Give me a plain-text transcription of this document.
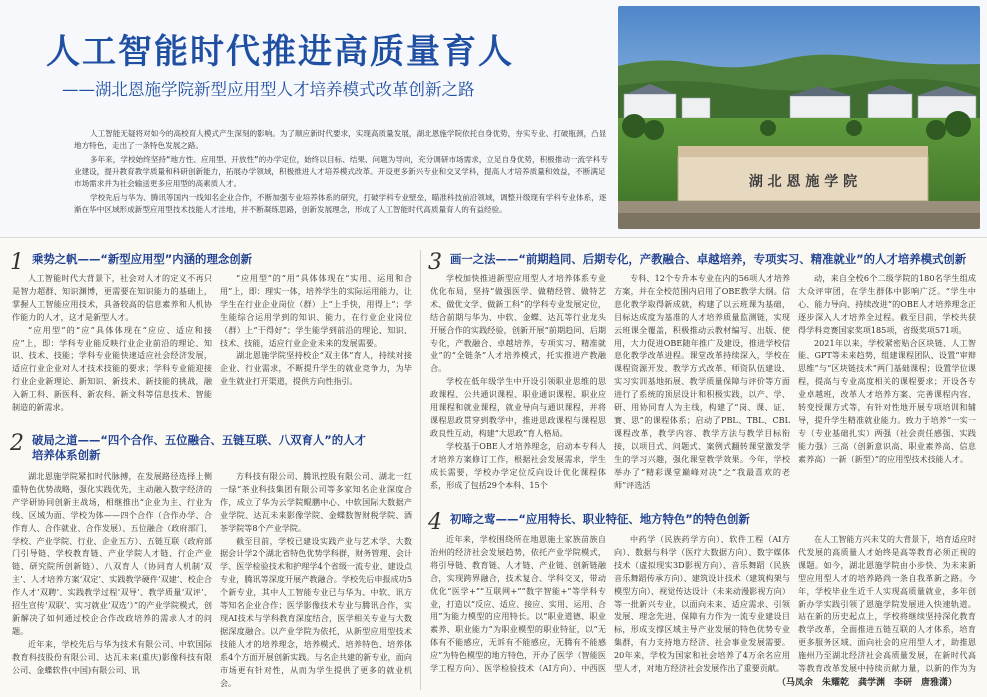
人工智能时代推进高质量育人
——湖北恩施学院新型应用型人才培养模式改革创新之路

人工智能无疑将对如今的高校育人模式产生深刻的影响。为了顺应新时代要求，实现高质量发展，湖北恩施学院依托自身优势，夯实专业、打破瓶颈，凸显地方特色，走出了一条特色发展之路。

多年来，学校始终坚持“地方性、应用型、开放性”的办学定位，始终以目标、结果、问题为导向，充分调研市场需求，立足自身优势，积极推动一流学科专业建设，提升教育教学质量和科研创新能力，拓展办学领域，积极推进人才培养模式改革。开设更多新兴专业和交叉学科，提高人才培养质量和效益，不断满足市场需求并为社会输送更多应用型的高素质人才。

学校先后与华为、腾讯等国内一线知名企业合作，不断加强专业培养体系的研究，打破学科专业壁垒，瞄准科技前沿领域，调整升级现有学科专业体系，逐渐在华中区域形成新型应用型技术技能人才洼地，并不断凝练思路，创新发展理念，形成了人工智能时代高质量育人的有益经验。

湖 北 恩 施 学 院
1 乘势之帆——“新型应用型”内涵的理念创新

人工智能时代大背景下，社会对人才的定义不再只是智力超群、知识渊博，更需要在知识能力的基础上，掌握人工智能应用技术，具备较高的信息素养和人机协作能力的人才，这才是新型人才。

“应用型”的“应”具体体现在“应应、适应和接应”上，即：学科专业能反映行业企业前沿的理论、知识、技术、技能；学科专业能快速适应社会经济发展，适应行业企业对人才技术技能的要求；学科专业能迎接行业企业新理论、新知识、新技术、新技能的挑战，融入新工科、新医科、新农科、新文科等信息技术、智能制造的新需求。

“应用型”的“用”具体体现在“实用、运用和合用”上，即：理实一体，培养学生的实际运用能力，让学生在行业企业岗位（群）上“上手快，用得上”；学生能综合运用学到的知识、能力，在行业企业岗位（群）上“干得好”；学生能学到前沿的理论、知识、技术、技能，适应行业企业未来的发展需要。

湖北恩施学院坚持校企“双主体”育人，持续对接企业、行业需求，不断提升学生的就业竞争力，为毕业生就业打开渠道，提供方向性指引。

2 破局之道——“四个合作、五位融合、五链互联、八双育人”的人才
培养体系创新

湖北恩施学院紧扣时代脉搏，在发展路径选择上侧重特色优势战略，强化实践优先，主动融入数字经济的产学研协同创新主战场，相继推出“企业为主、行业为线、区域为面、学校为体——四个合作（合作办学、合作育人、合作就业、合作发展）、五位融合（政府部门、学校、产业学院、行业、企业五方）、五链互联（政府部门引导链、学校教育链、产业学院人才链、行企产业链、研究院所创新链）、八双育人（协同育人机制‘双主’、人才培养方案‘双定’、实践教学硬件‘双建’、校企合作人才‘双聘’、实践教学过程‘双导’、教学质量‘双评’、招生宣传‘双联’、实习就业‘双选’）”的产业学院模式，创新解决了如何通过校企合作改政培养的需求人才的问题。

近年来，学校先后与华为技术有限公司、中软国际教育科技股份有限公司、达瓦未来(重庆)影像科技有限公司、金蝶软件(中国)有限公司、讯

方科技有限公司、腾讯控股有限公司、湖北一红一绿”茶业科技集团有限公司等多家知名企业深度合作，成立了华为云学院鲲鹏中心、中软国际大数据产业学院、达瓦未来影像学院、金蝶数智财税学院、酒茶学院等8个产业学院。

截至目前，学校已建设实践产业与艺术学、大数据会计学2个湖北省特色优势学科群，财务管理、会计学、医学检验技术和护理学4个省级一流专业、建设点专业，腾讯等深度开展产教融合。学校先后申报成功5个新专业，其中人工智能专业已与华为、中软、讯方等知名企业合作；医学影像技术专业与腾讯合作，实现AI技术与学科教育深度结合，医学相关专业与大数据深度融合。以产业学院为依托，从新型应用型技术技能人才的培养理念，培养模式、培养特色、培养体系4个方面开展创新实践。与名企共建的新专业，面向市场更有针对性，从而为学生提供了更多的就业机会。

3 画一之法——“前期趋同、后期专化，产教融合、卓越培养，专项实习、精准就业”的人才培养模式创新

学校加快推进新型应用型人才培养体系专业优化布局，坚持“做强医学、做精经管、做特艺术、做优文学、做新工科”的学科专业发展定位，结合前期与华为、中软、金蝶、达瓦等行业龙头开展合作的实践经验，创新开展“前期趋同、后期专化，产教融合、卓越培养，专项实习、精准就业”的“全链条”人才培养模式，托实推进产教融合。

学校在低年级学生中开设引领职业思维的思政课程、公共通识课程、职业通识课程、职业应用课程和就业课程，就业导向与通识课程，并将课程思政贯穿到教学中，推进思政课程与课程思政良性互动，构建“大思政”育人格局。

学校基于OBE人才培养理念，启动本专科人才培养方案修订工作，根据社会发展需求，学生成长需要，学校办学定位反向设计优化课程体系，形成了包括29个本科、15个

专科、12个专升本专业在内的56项人才培养方案，并在全校范围内启用了OBE教学大纲。信息化教学取得新成就，构建了以云班课为基础，目标达成度为基准的人才培养质量监测链，实现云班课全覆盖，积极推动云教材编写、出版、使用，大力促进OBE随年推广及建设，推进学校信息化教学改革进程。课堂改革持续深入，学校在课程资源开发、教学方式改革、师资队伍建设、实习实训基地拓展、教学质量保障与评价等方面进行了系统的顶层设计和积极实践，以产、学、研、用协同育人为主线，构建了“岗、课、证、赛、思”的课程体系；启动了PBL、TBL、CBL课程改革，教学内容、教学方法与教学目标衔接，以项目式、问题式、案例式翻转课堂激发学生的学习兴趣，强化课堂教学效果。今年，学校举办了“精彩课堂巅峰对决”之“我最喜欢的老师”评选活

动，来自全校6个二级学院的180名学生组成大众评审团，在学生群体中影响广泛。“学生中心、能力导向、持续改进”的OBE人才培养理念正逐步深入人才培养全过程。截至目前，学校共获得学科竞赛国家奖项185项，省级奖项571项。

2021年以来，学校紧密贴合区块链、人工智能、GPT等未来趋势，组建课程团队、设置“审辩思维”与“区块链技术”两门基础课程；设置学位课程，提高与专业高度相关的课程要求；开设各专业卓越班，改革人才培养方案、完善课程内容、转变授课方式等，有针对性地开展专项培训和辅导，提升学生精准就业能力。致力于培养“一实一专（专业基础扎实）两强（社会责任感强、实践能力强）三高（创新意识高、职业素养高、信息素养高）一新（新型）”的应用型技术技能人才。

4 初啼之莺——“应用特长、职业特征、地方特色”的特色创新

近年来，学校围绕所在地恩施土家族苗族自治州的经济社会发展趋势，依托产业学院模式，将引导链、教育链、人才链、产业链、创新链融合，实现跨界融合，技术复合、学科交叉，带动优化“医学+”“互联网+”“数字智能+”等学科专业，打造以“反应、适应、接应、实用、运用、合用”为能力模型的应用特长。以“职业道德、职业素养、职业能力”为职业模型的职业特征，以“无体有不能感应，无诉有不能感应，无腾有不能感应”为特色模型的地方特色，开办了医学（智能医学工程方向）、医学检验技术（AI方向）、中西医

中药学（民族药学方向）、软件工程（AI方向）、数据与科学（医疗大数据方向）、数字媒体技术（虚拟现实3D影视方向）、音乐舞蹈（民族音乐舞蹈传承方向）、建筑设计技术（建筑构架与模型方向）、视觉传达设计（未来动漫影视方向）等一批新兴专业，以面向未来、适应需求、引领发展、理念先进、保障有力作为一流专业建设目标，形成支撑区域主导产业发展的特色优势专业集群，有力支持地方经济、社会事业发展需要。20年来，学校为国家和社会培养了4万余名应用型人才，对地方经济社会发展作出了重要贡献。

在人工智能方兴未艾的大背景下，培育适应时代发展的高质量人才始终是高等教育必须正视的课题。如今，湖北恩施学院由小步快、为未来新型应用型人才的培养路尚一条自我革新之路。今年，学校毕业生近千人实现高质量就业，多年创新办学实践引领了恩施学院发展进入快速轨道。站在新的历史起点上，学校将继续坚持深化教育教学改革，全面推进五链互联的人才体系，培育更多服务区域、面向社会的应用型人才，助推恩施州乃至湖北经济社会高质量发展，在新时代高等教育改革发展中持续贡献力量，以新的作为为

（马凤余　朱耀乾　龚学渊　李研　唐雅潇）
